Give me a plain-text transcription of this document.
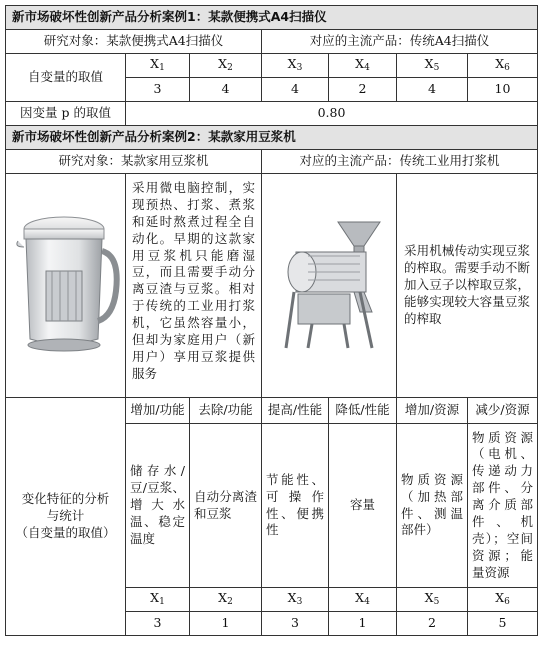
新市场破坏性创新产品分析案例1：某款便携式A4扫描仪						
研究对象：某款便携式A4扫描仪			对应的主流产品：传统A4扫描仪			
自变量的取值	$X_1$	$X_2$	$X_3$	$X_4$	$X_5$	$X_6$
	3	4	4	2	4	10
因变量 p 的取值	0.80					
新市场破坏性创新产品分析案例2：某款家用豆浆机						
研究对象：某款家用豆浆机			对应的主流产品：传统工业用打浆机			

	采用微电脑控制，实现预热、打浆、煮浆和延时熬煮过程全自动化。早期的这款家用豆浆机只能磨湿豆，而且需要手动分离豆渣与豆浆。相对于传统的工业用打浆机，它虽然容量小，但却为家庭用户（新用户）享用豆浆提供服务				采用机械传动实现豆浆的榨取。需要手动不断加入豆子以榨取豆浆，能够实现较大容量豆浆的榨取	

变化特征的分析
与统计
（自变量的取值）	增加/功能	去除/功能	提高/性能	降低/性能	增加/资源	减少/资源
	储存水/豆/豆浆、增大水温、稳定温度	自动分离渣和豆浆	节能性、可操作性、便携性	容量	物质资源（加热部件、测温部件）	物质资源（电机、传递动力部件、分离介质部件、机壳）；空间资源；能量资源
	$X_1$	$X_2$	$X_3$	$X_4$	$X_5$	$X_6$
	3	1	3	1	2	5
